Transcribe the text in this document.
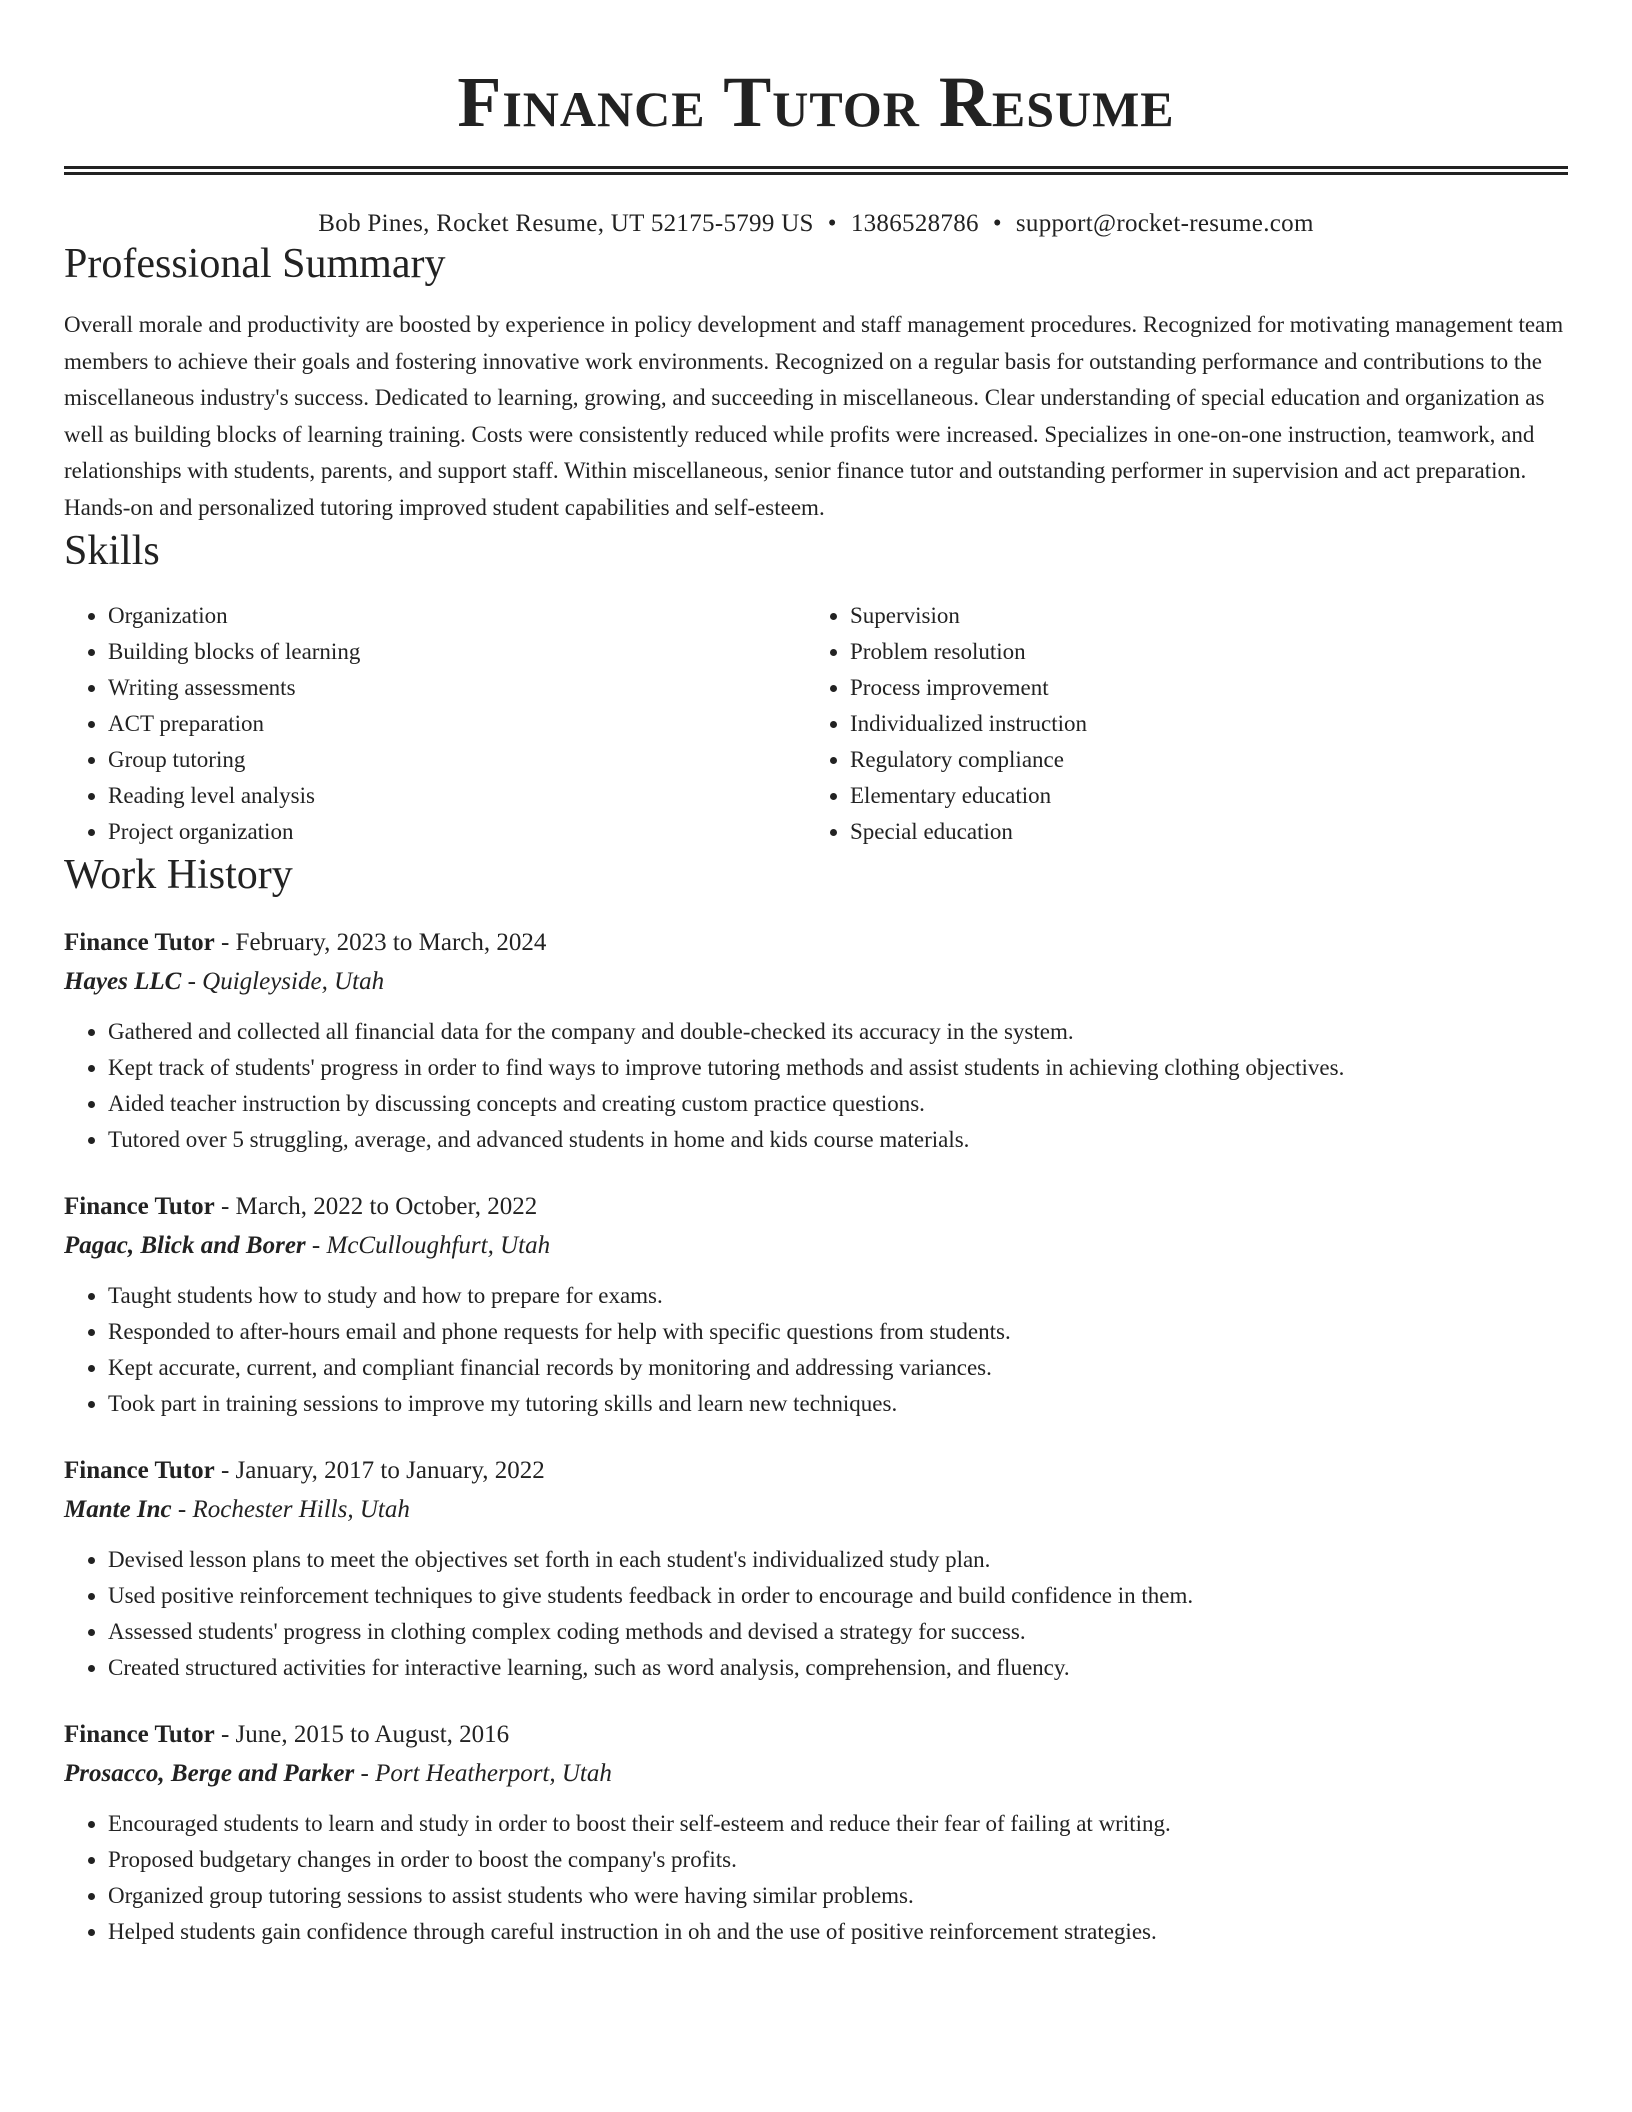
Finance Tutor Resume
Bob Pines, Rocket Resume, UT 52175-5799 US • 1386528786 • support@rocket-resume.com
Professional Summary
Overall morale and productivity are boosted by experience in policy development and staff management procedures. Recognized for motivating management team members to achieve their goals and fostering innovative work environments. Recognized on a regular basis for outstanding performance and contributions to the miscellaneous industry's success. Dedicated to learning, growing, and succeeding in miscellaneous. Clear understanding of special education and organization as well as building blocks of learning training. Costs were consistently reduced while profits were increased. Specializes in one-on-one instruction, teamwork, and relationships with students, parents, and support staff. Within miscellaneous, senior finance tutor and outstanding performer in supervision and act preparation. Hands-on and personalized tutoring improved student capabilities and self-esteem.
Skills
• Organization
• Building blocks of learning
• Writing assessments
• ACT preparation
• Group tutoring
• Reading level analysis
• Project organization
• Supervision
• Problem resolution
• Process improvement
• Individualized instruction
• Regulatory compliance
• Elementary education
• Special education
Work History
Finance Tutor - February, 2023 to March, 2024
Hayes LLC - Quigleyside, Utah
• Gathered and collected all financial data for the company and double-checked its accuracy in the system.
• Kept track of students' progress in order to find ways to improve tutoring methods and assist students in achieving clothing objectives.
• Aided teacher instruction by discussing concepts and creating custom practice questions.
• Tutored over 5 struggling, average, and advanced students in home and kids course materials.
Finance Tutor - March, 2022 to October, 2022
Pagac, Blick and Borer - McCulloughfurt, Utah
• Taught students how to study and how to prepare for exams.
• Responded to after-hours email and phone requests for help with specific questions from students.
• Kept accurate, current, and compliant financial records by monitoring and addressing variances.
• Took part in training sessions to improve my tutoring skills and learn new techniques.
Finance Tutor - January, 2017 to January, 2022
Mante Inc - Rochester Hills, Utah
• Devised lesson plans to meet the objectives set forth in each student's individualized study plan.
• Used positive reinforcement techniques to give students feedback in order to encourage and build confidence in them.
• Assessed students' progress in clothing complex coding methods and devised a strategy for success.
• Created structured activities for interactive learning, such as word analysis, comprehension, and fluency.
Finance Tutor - June, 2015 to August, 2016
Prosacco, Berge and Parker - Port Heatherport, Utah
• Encouraged students to learn and study in order to boost their self-esteem and reduce their fear of failing at writing.
• Proposed budgetary changes in order to boost the company's profits.
• Organized group tutoring sessions to assist students who were having similar problems.
• Helped students gain confidence through careful instruction in oh and the use of positive reinforcement strategies.
